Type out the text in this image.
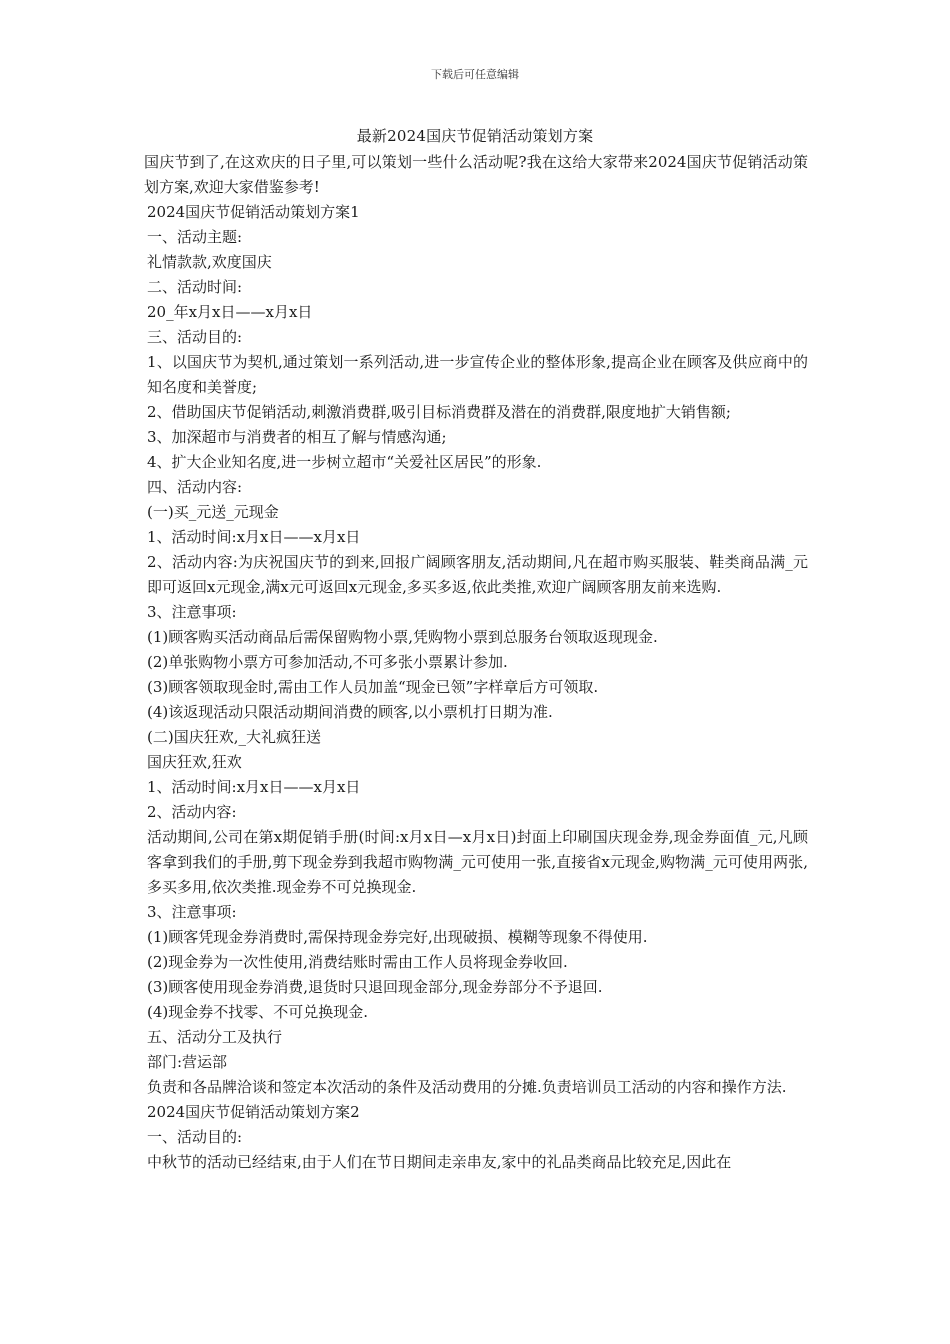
下载后可任意编辑
最新2024国庆节促销活动策划方案

国庆节到了,在这欢庆的日子里,可以策划一些什么活动呢?我在这给大家带来2024国庆节促销活动策划方案,欢迎大家借鉴参考!

2024国庆节促销活动策划方案1

一、活动主题:

礼情款款,欢度国庆

二、活动时间:

20_年x月x日——x月x日

三、活动目的:

1、以国庆节为契机,通过策划一系列活动,进一步宣传企业的整体形象,提高企业在顾客及供应商中的知名度和美誉度;

2、借助国庆节促销活动,刺激消费群,吸引目标消费群及潜在的消费群,限度地扩大销售额;

3、加深超市与消费者的相互了解与情感沟通;

4、扩大企业知名度,进一步树立超市“关爱社区居民”的形象.

四、活动内容:

(一)买_元送_元现金

1、活动时间:x月x日——x月x日

2、活动内容:为庆祝国庆节的到来,回报广阔顾客朋友,活动期间,凡在超市购买服装、鞋类商品满_元即可返回x元现金,满x元可返回x元现金,多买多返,依此类推,欢迎广阔顾客朋友前来选购.

3、注意事项:

(1)顾客购买活动商品后需保留购物小票,凭购物小票到总服务台领取返现现金.

(2)单张购物小票方可参加活动,不可多张小票累计参加.

(3)顾客领取现金时,需由工作人员加盖“现金已领”字样章后方可领取.

(4)该返现活动只限活动期间消费的顾客,以小票机打日期为准.

(二)国庆狂欢,_大礼疯狂送

国庆狂欢,狂欢

1、活动时间:x月x日——x月x日

2、活动内容:

活动期间,公司在第x期促销手册(时间:x月x日—x月x日)封面上印刷国庆现金券,现金券面值_元,凡顾客拿到我们的手册,剪下现金券到我超市购物满_元可使用一张,直接省x元现金,购物满_元可使用两张,多买多用,依次类推.现金券不可兑换现金.

3、注意事项:

(1)顾客凭现金券消费时,需保持现金券完好,出现破损、模糊等现象不得使用.

(2)现金券为一次性使用,消费结账时需由工作人员将现金券收回.

(3)顾客使用现金券消费,退货时只退回现金部分,现金券部分不予退回.

(4)现金券不找零、不可兑换现金.

五、活动分工及执行

部门:营运部

负责和各品牌洽谈和签定本次活动的条件及活动费用的分摊.负责培训员工活动的内容和操作方法.

2024国庆节促销活动策划方案2

一、活动目的:

中秋节的活动已经结束,由于人们在节日期间走亲串友,家中的礼品类商品比较充足,因此在
